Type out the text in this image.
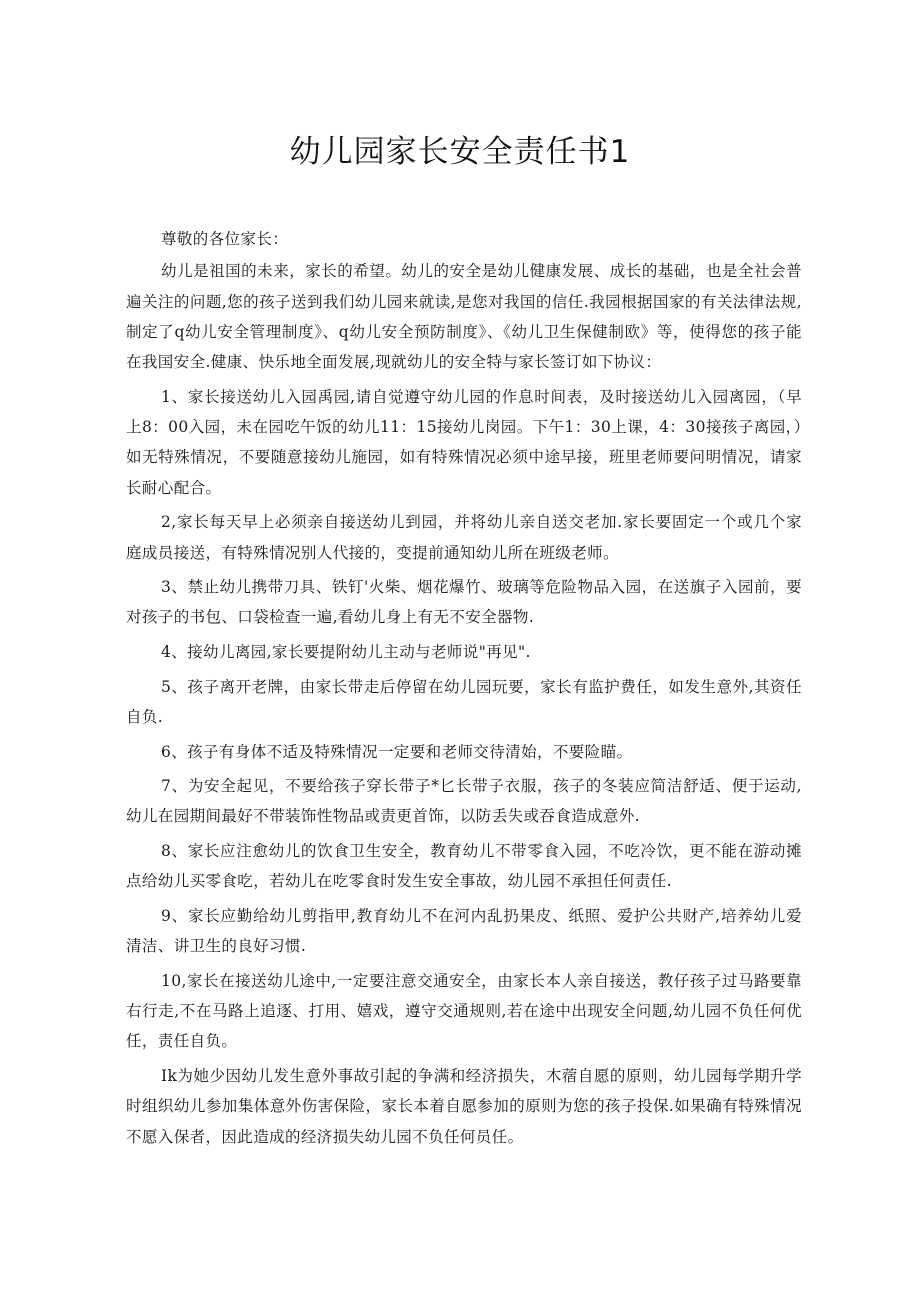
幼儿园家长安全责任书1

尊敬的各位家长：

幼儿是祖国的未来，家长的希望。幼儿的安全是幼儿健康发展、成长的基础，也是全社会普遍关注的问题,您的孩子送到我们幼儿园来就读,是您对我国的信任.我园根据国家的有关法律法规,制定了q幼儿安全管理制度》、q幼儿安全预防制度》、《幼儿卫生保健制欧》等，使得您的孩子能在我国安全.健康、快乐地全面发展,现就幼儿的安全特与家长签订如下协议：

1、家长接送幼儿入园禹园,请自觉遵守幼儿园的作息时间表，及时接送幼儿入园离园，（早上8：00入园，未在园吃午饭的幼儿11：15接幼儿岗园。下午1：30上课，4：30接孩子离园，）如无特殊情况，不要随意接幼儿施园，如有特殊情况必须中途早接，班里老师要问明情况，请家长耐心配合。

2,家长每天早上必须亲自接送幼儿到园，并将幼儿亲自送交老加.家长要固定一个或几个家庭成员接送，有特殊情况别人代接的，变提前通知幼儿所在班级老师。

3、禁止幼儿携带刀具、铁钉'火柴、烟花爆竹、玻璃等危险物品入园，在送旗子入园前，要对孩子的书包、口袋检查一遍,看幼儿身上有无不安全器物.

4、接幼儿离园,家长要提附幼儿主动与老师说"再见".

5、孩子离开老牌，由家长带走后停留在幼儿园玩要，家长有监护费任，如发生意外,其资任自负.

6、孩子有身体不适及特殊情况一定要和老师交待清始，不要险瞄。

7、为安全起见，不要给孩子穿长带子*匕长带子衣服，孩子的冬装应简洁舒适、便于运动,幼儿在园期间最好不带装饰性物品或责更首饰，以防丢失或吞食造成意外.

8、家长应注愈幼儿的饮食卫生安全，教育幼儿不带零食入园，不吃冷饮，更不能在游动摊点给幼儿买零食吃，若幼儿在吃零食时发生安全事故，幼儿园不承担任何责任.

9、家长应勤给幼儿剪指甲,教育幼儿不在河内乱扔果皮、纸照、爱护公共财产,培养幼儿爱清洁、讲卫生的良好习惯.

10,家长在接送幼儿途中,一定要注意交通安全，由家长本人亲自接送，教仔孩子过马路要靠右行走,不在马路上追逐、打用、嬉戏，遵守交通规则,若在途中出现安全问题,幼儿园不负任何优任，责任自负。

Ik为她少因幼儿发生意外事故引起的争满和经济损失，木蓿自愿的原则，幼儿园每学期升学时组织幼儿参加集体意外伤害保险，家长本着自愿参加的原则为您的孩子投保.如果确有特殊情况不愿入保者，因此造成的经济损失幼儿园不负任何员任。
